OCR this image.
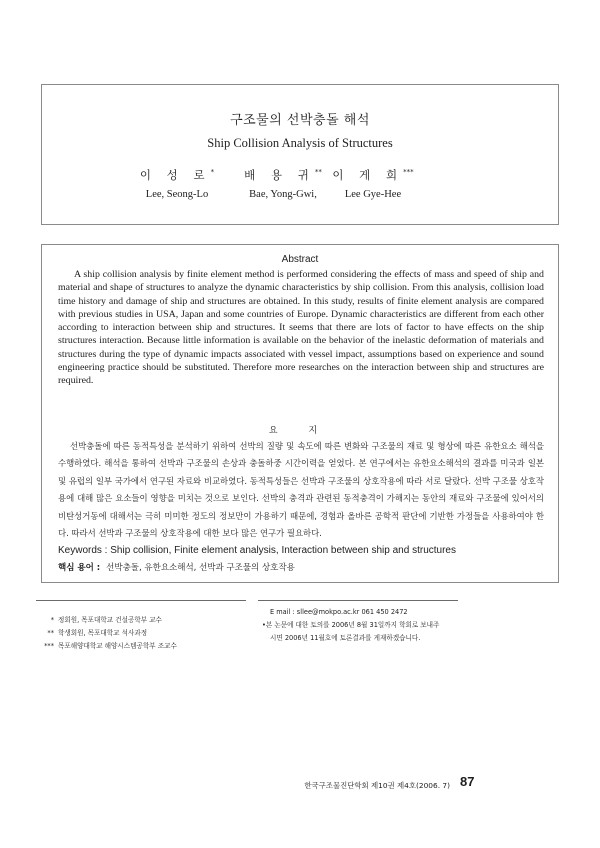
구조물의 선박충돌 해석
Ship Collision Analysis of Structures
이 성 로*
Lee, Seong-Lo
배 용 귀**
Bae, Yong-Gwi,
이 게 희***
Lee Gye-Hee
Abstract

A ship collision analysis by finite element method is performed considering the effects of mass and speed of ship and material and shape of structures to analyze the dynamic characteristics by ship collision. From this analysis, collision load time history and damage of ship and structures are obtained. In this study, results of finite element analysis are compared with previous studies in USA, Japan and some countries of Europe. Dynamic characteristics are different from each other according to interaction between ship and structures. It seems that there are lots of factor to have effects on the ship structures interaction. Because little information is available on the behavior of the inelastic deformation of materials and structures during the type of dynamic impacts associated with vessel impact, assumptions based on experience and sound engineering practice should be substituted. Therefore more researches on the interaction between ship and structures are required.

요 지

선박충돌에 따른 동적특성을 분석하기 위하여 선박의 질량 및 속도에 따른 변화와 구조물의 재료 및 형상에 따른 유한요소 해석을 수행하였다. 해석을 통하여 선박과 구조물의 손상과 충돌하중 시간이력을 얻었다. 본 연구에서는 유한요소해석의 결과를 미국과 일본 및 유럽의 일부 국가에서 연구된 자료와 비교하였다. 동적특성들은 선박과 구조물의 상호작용에 따라 서로 달랐다. 선박 구조물 상호작용에 대해 많은 요소들이 영향을 미치는 것으로 보인다. 선박의 충격과 관련된 동적충격이 가해지는 동안의 재료와 구조물에 있어서의 비탄성거동에 대해서는 극히 미미한 정도의 정보만이 가용하기 때문에, 경험과 올바른 공학적 판단에 기반한 가정들을 사용하여야 한다. 따라서 선박과 구조물의 상호작용에 대한 보다 많은 연구가 필요하다.

Keywords : Ship collision, Finite element analysis, Interaction between ship and structures
핵심 용어 : 선박충돌, 유한요소해석, 선박과 구조물의 상호작용
* 정회원, 목포대학교 건설공학부 교수
** 학생회원, 목포대학교 석사과정
*** 목포해양대학교 해양시스템공학부 조교수
E mail : sllee@mokpo.ac.kr 061 450 2472
•본 논문에 대한 토의를 2006년 8월 31일까지 학회로 보내주
시면 2006년 11월호에 토론결과를 게재하겠습니다.
한국구조물진단학회 제10권 제4호(2006. 7) 87
